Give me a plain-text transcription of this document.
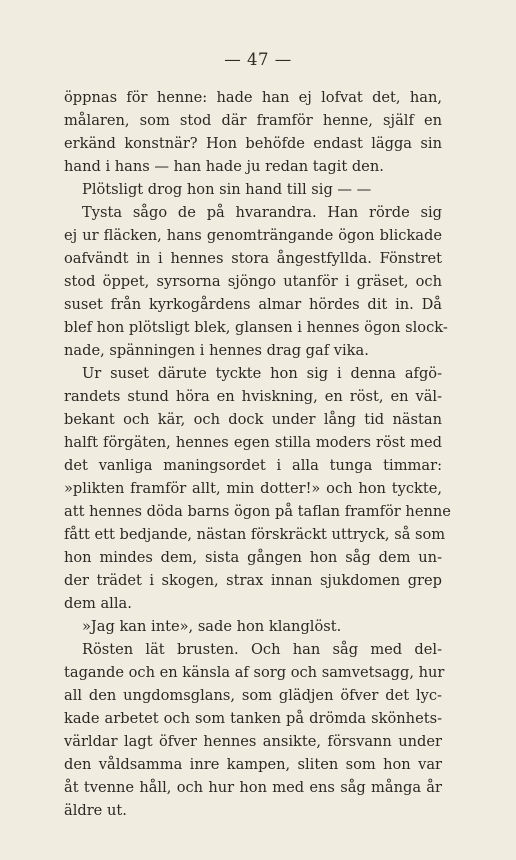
— 47 —
öppnas för henne: hade han ej lofvat det, han,
målaren, som stod där framför henne, själf en
erkänd konstnär? Hon behöfde endast lägga sin
hand i hans — han hade ju redan tagit den.
Plötsligt drog hon sin hand till sig — —
Tysta sågo de på hvarandra. Han rörde sig
ej ur fläcken, hans genomträngande ögon blickade
oafvändt in i hennes stora ångestfyllda. Fönstret
stod öppet, syrsorna sjöngo utanför i gräset, och
suset från kyrkogårdens almar hördes dit in. Då
blef hon plötsligt blek, glansen i hennes ögon slock-
nade, spänningen i hennes drag gaf vika.
Ur suset därute tyckte hon sig i denna afgö-
randets stund höra en hviskning, en röst, en väl-
bekant och kär, och dock under lång tid nästan
halft förgäten, hennes egen stilla moders röst med
det vanliga maningsordet i alla tunga timmar:
»plikten framför allt, min dotter!» och hon tyckte,
att hennes döda barns ögon på taflan framför henne
fått ett bedjande, nästan förskräckt uttryck, så som
hon mindes dem, sista gången hon såg dem un-
der trädet i skogen, strax innan sjukdomen grep
dem alla.
»Jag kan inte», sade hon klanglöst.
Rösten lät brusten. Och han såg med del-
tagande och en känsla af sorg och samvetsagg, hur
all den ungdomsglans, som glädjen öfver det lyc-
kade arbetet och som tanken på drömda skönhets-
världar lagt öfver hennes ansikte, försvann under
den våldsamma inre kampen, sliten som hon var
åt tvenne håll, och hur hon med ens såg många år
äldre ut.
